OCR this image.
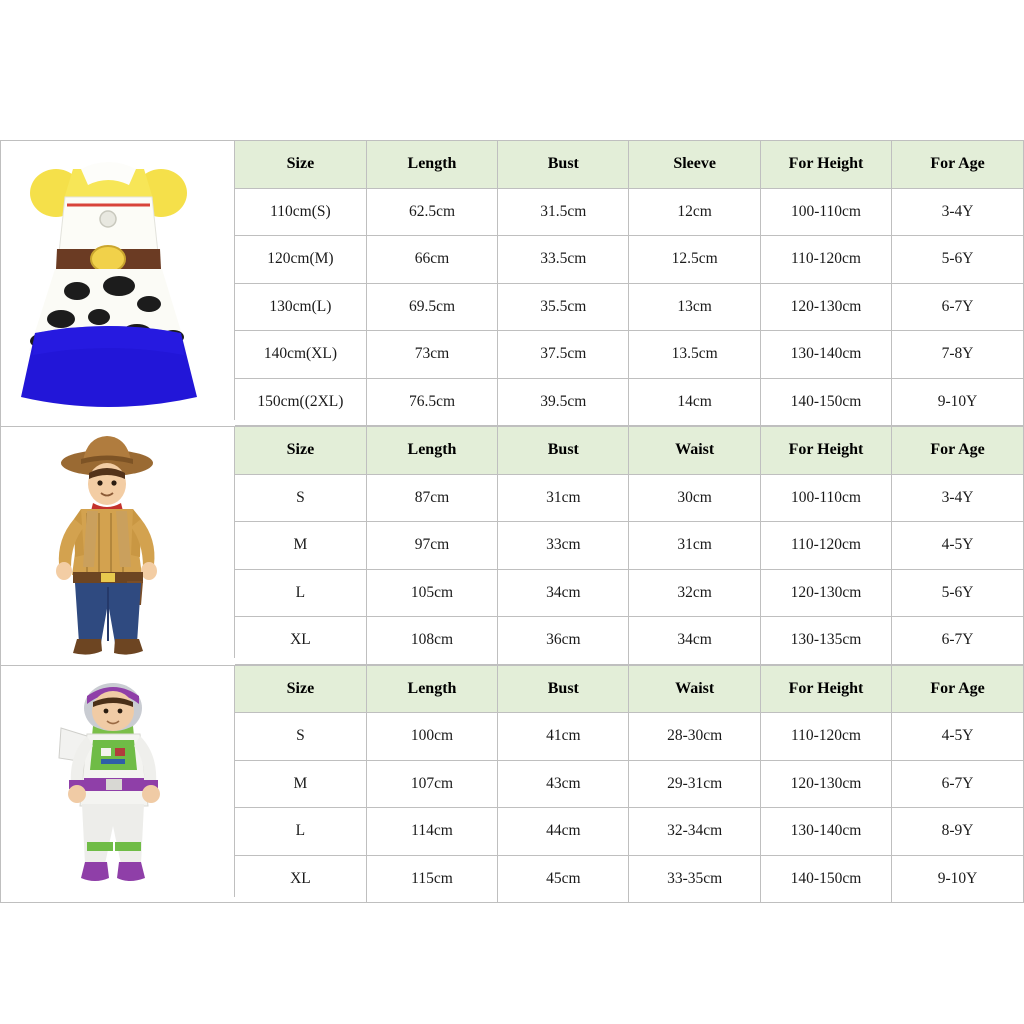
Size	Length	Bust	Sleeve	For Height	For Age
110cm(S)	62.5cm	31.5cm	12cm	100-110cm	3-4Y
120cm(M)	66cm	33.5cm	12.5cm	110-120cm	5-6Y
130cm(L)	69.5cm	35.5cm	13cm	120-130cm	6-7Y
140cm(XL)	73cm	37.5cm	13.5cm	130-140cm	7-8Y
150cm((2XL)	76.5cm	39.5cm	14cm	140-150cm	9-10Y
Size	Length	Bust	Waist	For Height	For Age
S	87cm	31cm	30cm	100-110cm	3-4Y
M	97cm	33cm	31cm	110-120cm	4-5Y
L	105cm	34cm	32cm	120-130cm	5-6Y
XL	108cm	36cm	34cm	130-135cm	6-7Y
Size	Length	Bust	Waist	For Height	For Age
S	100cm	41cm	28-30cm	110-120cm	4-5Y
M	107cm	43cm	29-31cm	120-130cm	6-7Y
L	114cm	44cm	32-34cm	130-140cm	8-9Y
XL	115cm	45cm	33-35cm	140-150cm	9-10Y
